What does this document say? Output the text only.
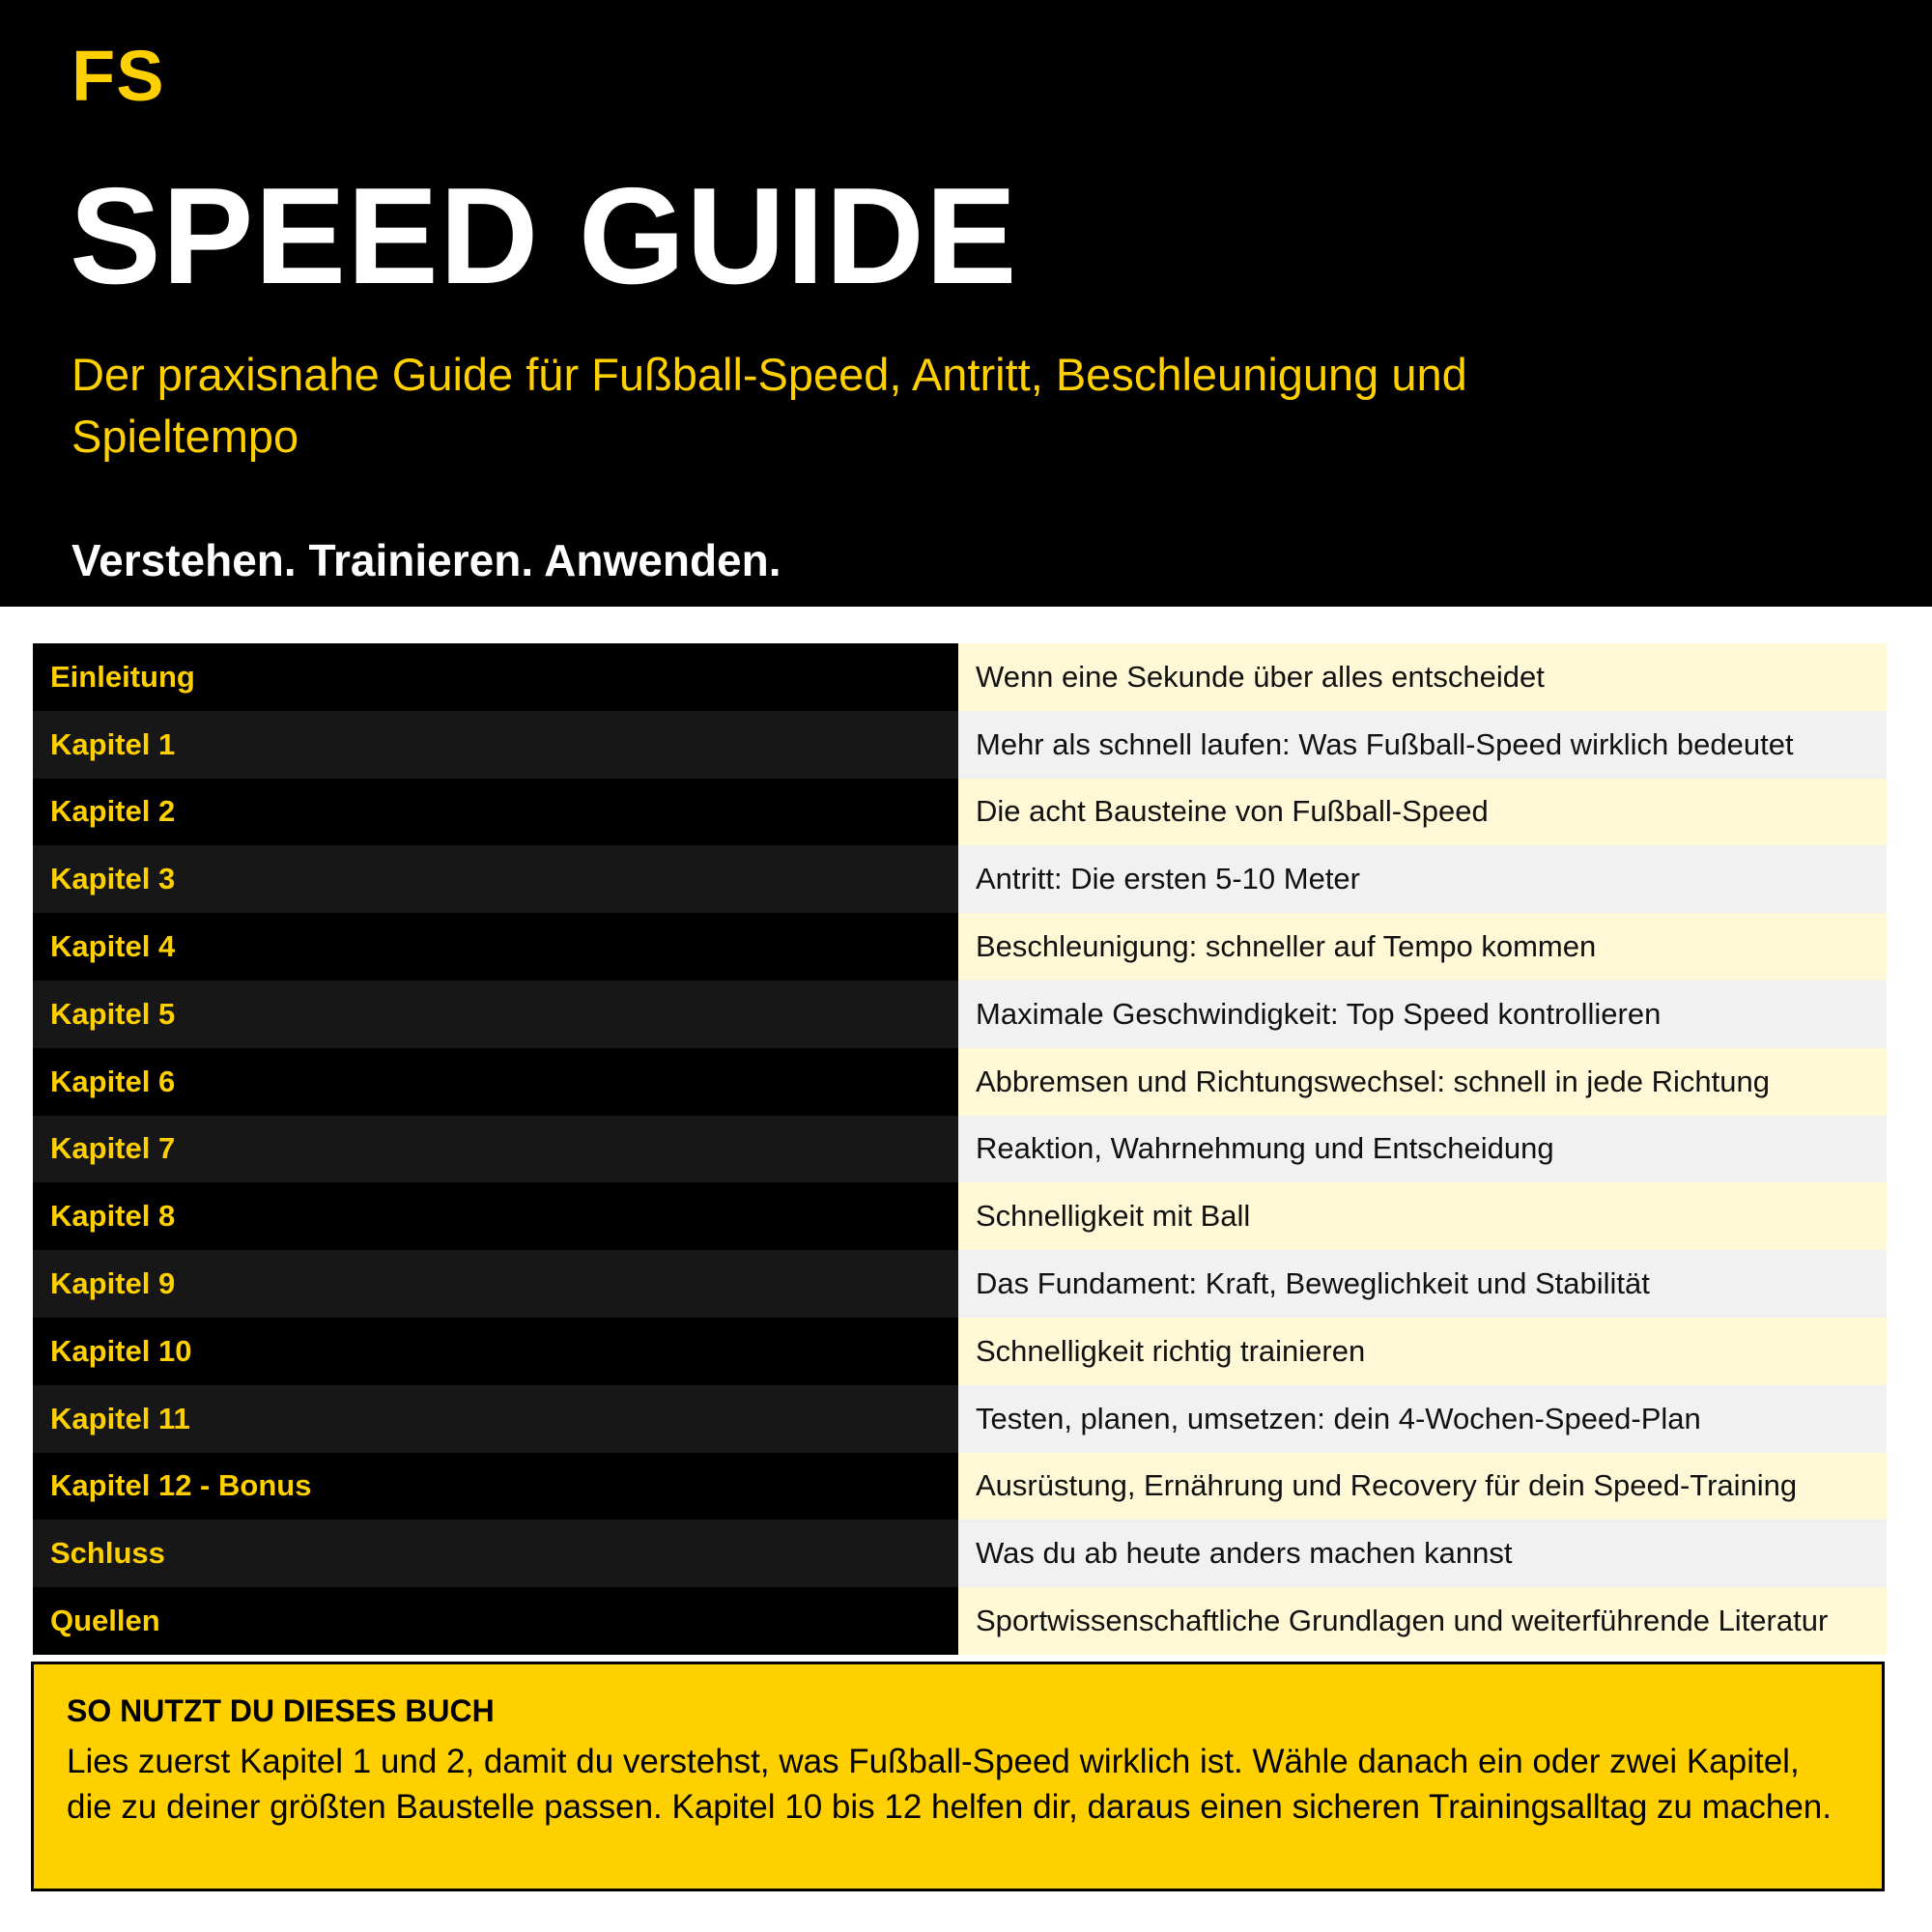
FS
SPEED GUIDE
Der praxisnahe Guide für Fußball-Speed, Antritt, Beschleunigung und Spieltempo
Verstehen. Trainieren. Anwenden.
Einleitung	Wenn eine Sekunde über alles entscheidet
Kapitel 1	Mehr als schnell laufen: Was Fußball-Speed wirklich bedeutet
Kapitel 2	Die acht Bausteine von Fußball-Speed
Kapitel 3	Antritt: Die ersten 5-10 Meter
Kapitel 4	Beschleunigung: schneller auf Tempo kommen
Kapitel 5	Maximale Geschwindigkeit: Top Speed kontrollieren
Kapitel 6	Abbremsen und Richtungswechsel: schnell in jede Richtung
Kapitel 7	Reaktion, Wahrnehmung und Entscheidung
Kapitel 8	Schnelligkeit mit Ball
Kapitel 9	Das Fundament: Kraft, Beweglichkeit und Stabilität
Kapitel 10	Schnelligkeit richtig trainieren
Kapitel 11	Testen, planen, umsetzen: dein 4-Wochen-Speed-Plan
Kapitel 12 - Bonus	Ausrüstung, Ernährung und Recovery für dein Speed-Training
Schluss	Was du ab heute anders machen kannst
Quellen	Sportwissenschaftliche Grundlagen und weiterführende Literatur
SO NUTZT DU DIESES BUCH
Lies zuerst Kapitel 1 und 2, damit du verstehst, was Fußball-Speed wirklich ist. Wähle danach ein oder zwei Kapitel, die zu deiner größten Baustelle passen. Kapitel 10 bis 12 helfen dir, daraus einen sicheren Trainingsalltag zu machen.
